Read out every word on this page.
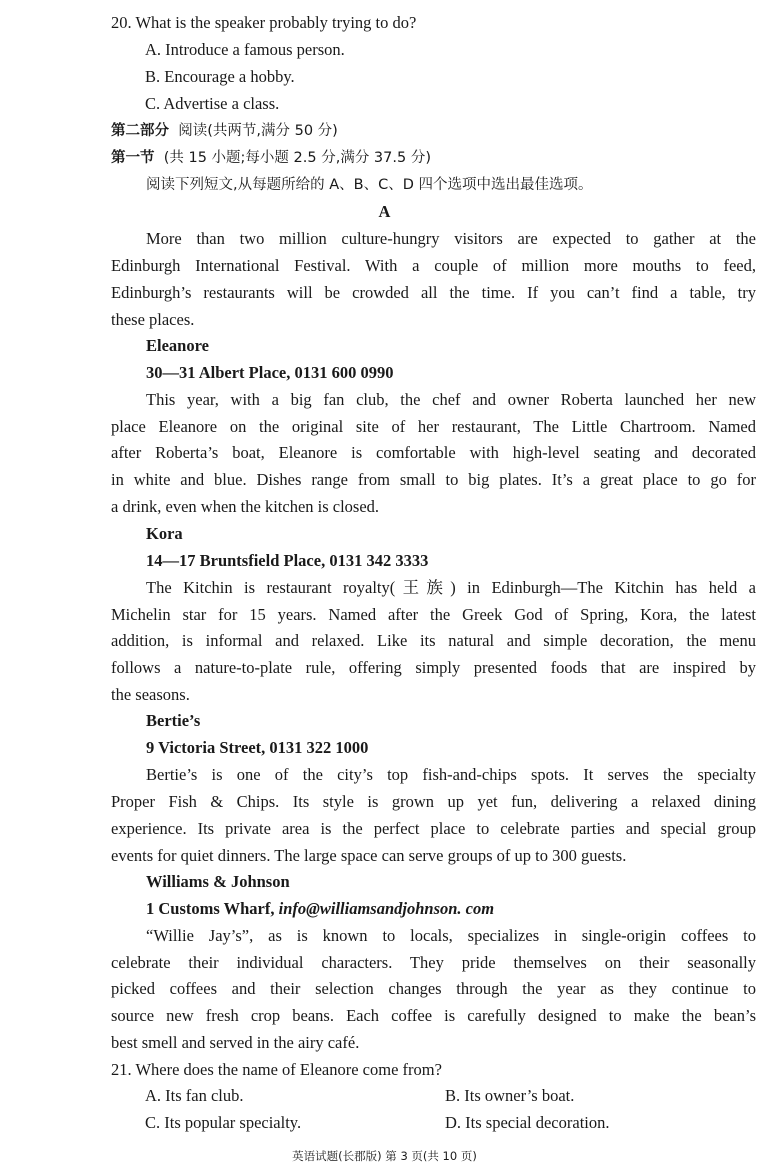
20. What is the speaker probably trying to do?
A. Introduce a famous person.
B. Encourage a hobby.
C. Advertise a class.
第二部分 阅读(共两节,满分 50 分)
第一节 (共 15 小题;每小题 2.5 分,满分 37.5 分)
阅读下列短文,从每题所给的 A、B、C、D 四个选项中选出最佳选项。
A
More than two million culture-hungry visitors are expected to gather at the
Edinburgh International Festival. With a couple of million more mouths to feed,
Edinburgh’s restaurants will be crowded all the time. If you can’t find a table, try
these places.
Eleanore
30—31 Albert Place, 0131 600 0990
This year, with a big fan club, the chef and owner Roberta launched her new
place Eleanore on the original site of her restaurant, The Little Chartroom. Named
after Roberta’s boat, Eleanore is comfortable with high-level seating and decorated
in white and blue. Dishes range from small to big plates. It’s a great place to go for
a drink, even when the kitchen is closed.
Kora
14—17 Bruntsfield Place, 0131 342 3333
The Kitchin is restaurant royalty(王族) in Edinburgh—The Kitchin has held a
Michelin star for 15 years. Named after the Greek God of Spring, Kora, the latest
addition, is informal and relaxed. Like its natural and simple decoration, the menu
follows a nature-to-plate rule, offering simply presented foods that are inspired by
the seasons.
Bertie’s
9 Victoria Street, 0131 322 1000
Bertie’s is one of the city’s top fish-and-chips spots. It serves the specialty
Proper Fish & Chips. Its style is grown up yet fun, delivering a relaxed dining
experience. Its private area is the perfect place to celebrate parties and special group
events for quiet dinners. The large space can serve groups of up to 300 guests.
Williams & Johnson
1 Customs Wharf, info@williamsandjohnson. com
“Willie Jay’s”, as is known to locals, specializes in single-origin coffees to
celebrate their individual characters. They pride themselves on their seasonally
picked coffees and their selection changes through the year as they continue to
source new fresh crop beans. Each coffee is carefully designed to make the bean’s
best smell and served in the airy café.
21. Where does the name of Eleanore come from?
A. Its fan club.	B. Its owner’s boat.
C. Its popular specialty.	D. Its special decoration.
英语试题(长郡版) 第 3 页(共 10 页)
